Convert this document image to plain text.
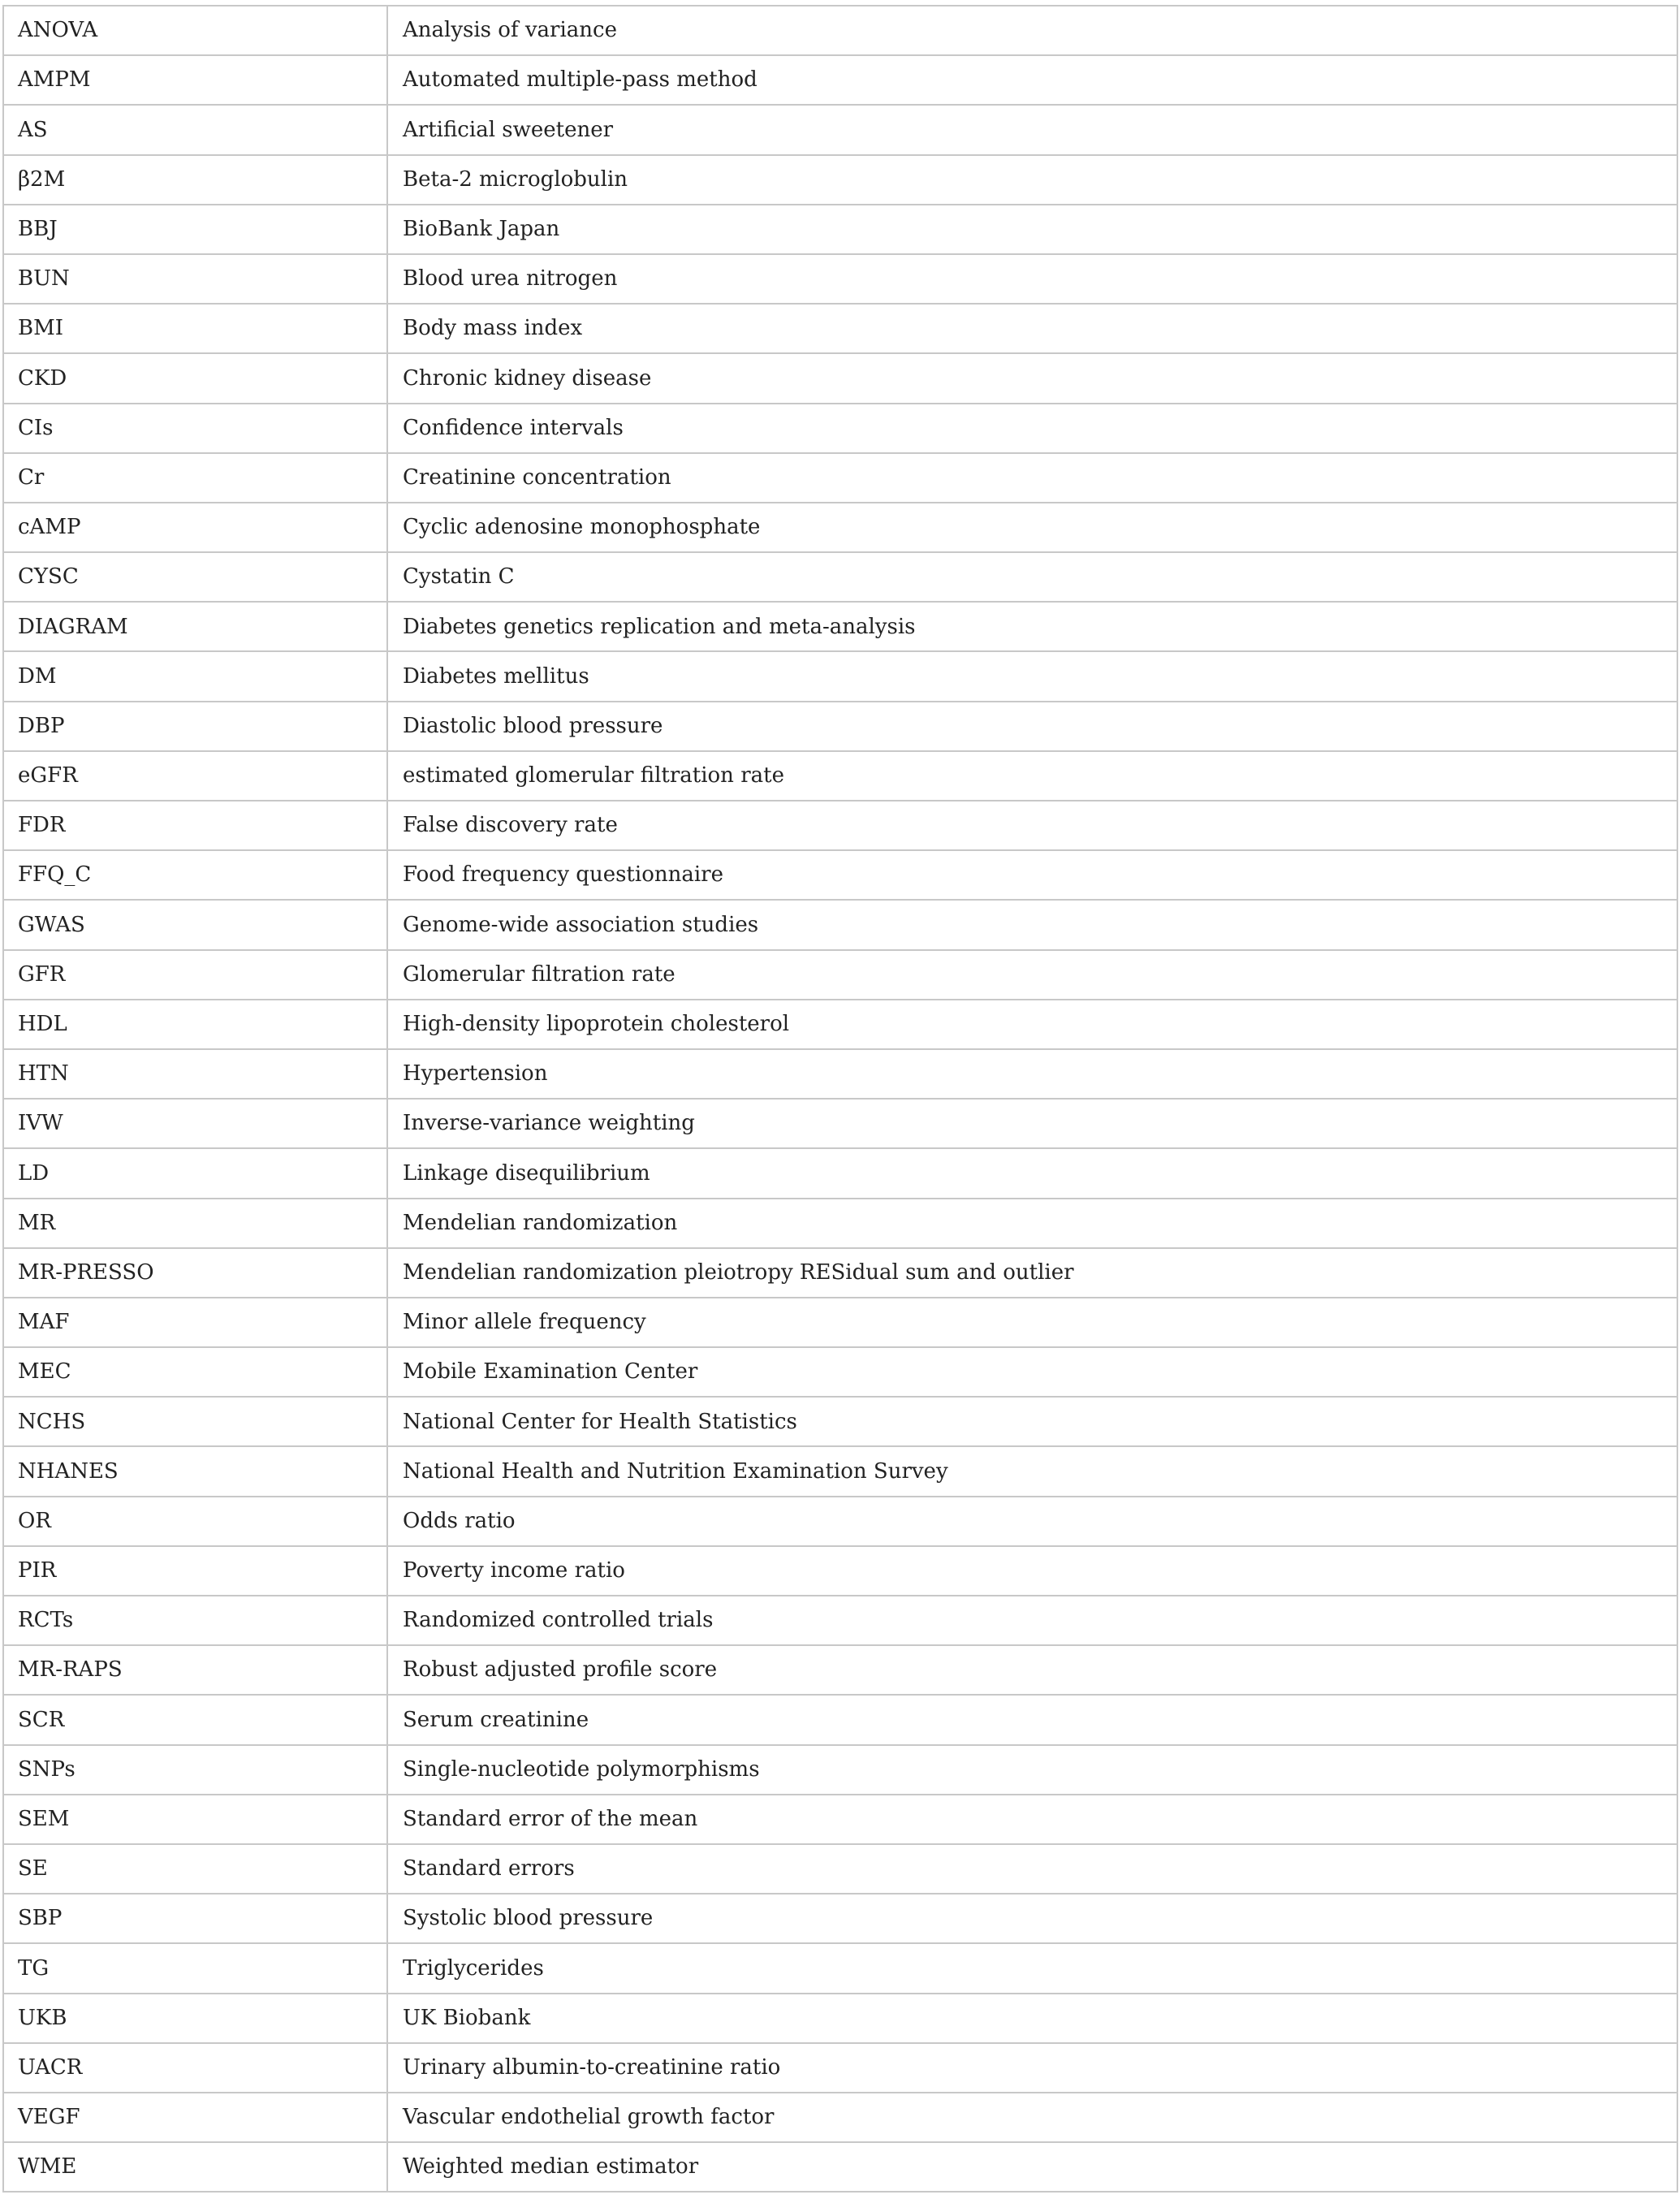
ANOVA	Analysis of variance
AMPM	Automated multiple-pass method
AS	Artificial sweetener
β2M	Beta-2 microglobulin
BBJ	BioBank Japan
BUN	Blood urea nitrogen
BMI	Body mass index
CKD	Chronic kidney disease
CIs	Confidence intervals
Cr	Creatinine concentration
cAMP	Cyclic adenosine monophosphate
CYSC	Cystatin C
DIAGRAM	Diabetes genetics replication and meta-analysis
DM	Diabetes mellitus
DBP	Diastolic blood pressure
eGFR	estimated glomerular filtration rate
FDR	False discovery rate
FFQ_C	Food frequency questionnaire
GWAS	Genome-wide association studies
GFR	Glomerular filtration rate
HDL	High-density lipoprotein cholesterol
HTN	Hypertension
IVW	Inverse-variance weighting
LD	Linkage disequilibrium
MR	Mendelian randomization
MR-PRESSO	Mendelian randomization pleiotropy RESidual sum and outlier
MAF	Minor allele frequency
MEC	Mobile Examination Center
NCHS	National Center for Health Statistics
NHANES	National Health and Nutrition Examination Survey
OR	Odds ratio
PIR	Poverty income ratio
RCTs	Randomized controlled trials
MR-RAPS	Robust adjusted profile score
SCR	Serum creatinine
SNPs	Single-nucleotide polymorphisms
SEM	Standard error of the mean
SE	Standard errors
SBP	Systolic blood pressure
TG	Triglycerides
UKB	UK Biobank
UACR	Urinary albumin-to-creatinine ratio
VEGF	Vascular endothelial growth factor
WME	Weighted median estimator
